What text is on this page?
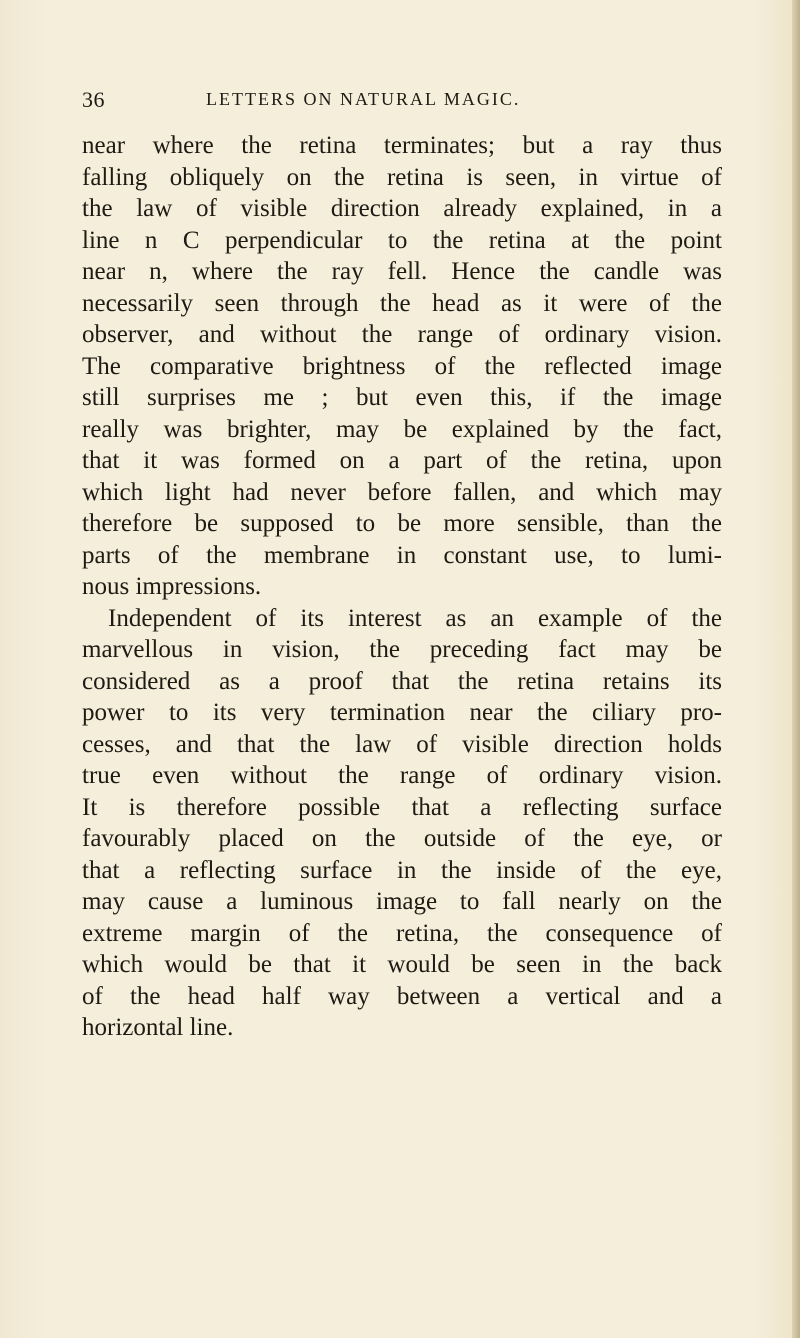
36	LETTERS ON NATURAL MAGIC.
near where the retina terminates; but a ray thus
falling obliquely on the retina is seen, in virtue of
the law of visible direction already explained, in a
line n C perpendicular to the retina at the point
near n, where the ray fell. Hence the candle was
necessarily seen through the head as it were of the
observer, and without the range of ordinary vision.
The comparative brightness of the reflected image
still surprises me ; but even this, if the image
really was brighter, may be explained by the fact,
that it was formed on a part of the retina, upon
which light had never before fallen, and which may
therefore be supposed to be more sensible, than the
parts of the membrane in constant use, to lumi-
nous impressions.
Independent of its interest as an example of the
marvellous in vision, the preceding fact may be
considered as a proof that the retina retains its
power to its very termination near the ciliary pro-
cesses, and that the law of visible direction holds
true even without the range of ordinary vision.
It is therefore possible that a reflecting surface
favourably placed on the outside of the eye, or
that a reflecting surface in the inside of the eye,
may cause a luminous image to fall nearly on the
extreme margin of the retina, the consequence of
which would be that it would be seen in the back
of the head half way between a vertical and a
horizontal line.
